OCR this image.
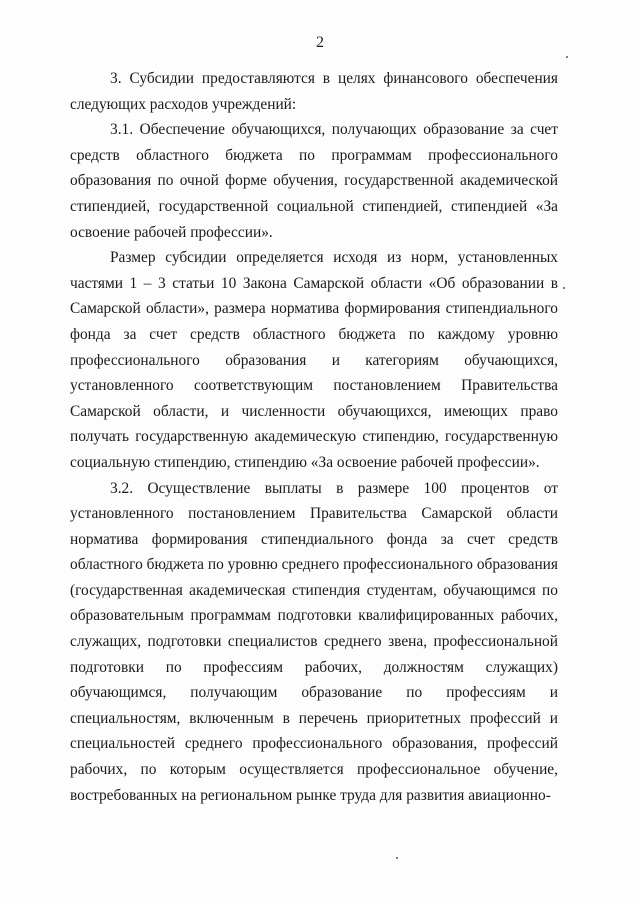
2

3. Субсидии предоставляются в целях финансового обеспечения следующих расходов учреждений:

3.1. Обеспечение обучающихся, получающих образование за счет средств областного бюджета по программам профессионального образования по очной форме обучения, государственной академической стипендией, государственной социальной стипендией, стипендией «За освоение рабочей профессии».

Размер субсидии определяется исходя из норм, установленных частями 1 – 3 статьи 10 Закона Самарской области «Об образовании в Самарской области», размера норматива формирования стипендиального фонда за счет средств областного бюджета по каждому уровню профессионального образования и категориям обучающихся, установленного соответствующим постановлением Правительства Самарской области, и численности обучающихся, имеющих право получать государственную академическую стипендию, государственную социальную стипендию, стипендию «За освоение рабочей профессии».

3.2. Осуществление выплаты в размере 100 процентов от установленного постановлением Правительства Самарской области норматива формирования стипендиального фонда за счет средств областного бюджета по уровню среднего профессионального образования (государственная академическая стипендия студентам, обучающимся по образовательным программам подготовки квалифицированных рабочих, служащих, подготовки специалистов среднего звена, профессиональной подготовки по профессиям рабочих, должностям служащих) обучающимся, получающим образование по профессиям и специальностям, включенным в перечень приоритетных профессий и специальностей среднего профессионального образования, профессий рабочих, по которым осуществляется профессиональное обучение, востребованных на региональном рынке труда для развития авиационно-
